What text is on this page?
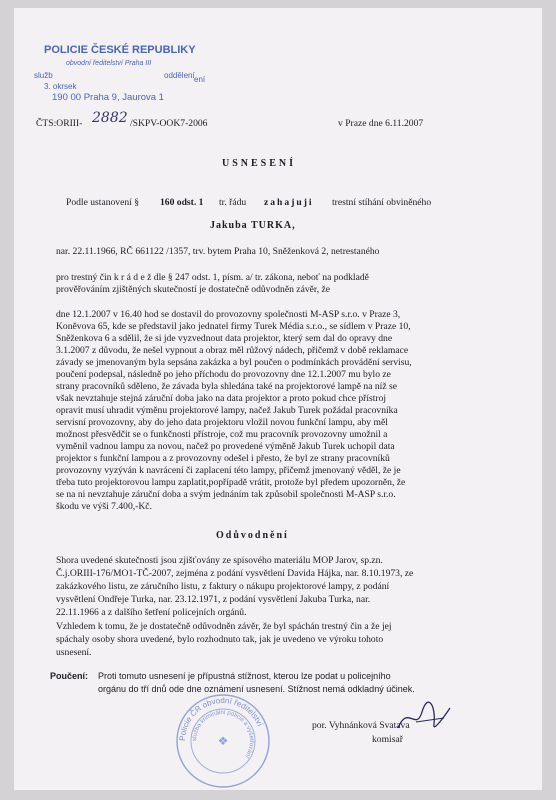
POLICIE ČESKÉ REPUBLIKY
obvodní ředitelství Praha III
služb	oddělení
3. okrsek
ení
190 00 Praha 9, Jaurova 1
ČTS:ORIII- 2882 /SKPV-OOK7-2006	v Praze dne 6.11.2007
USNESENÍ
Podle ustanovení § 160 odst. 1 tr. řádu zahajuji trestní stíhání obviněného
Jakuba TURKA,
nar. 22.11.1966, RČ 661122 /1357, trv. bytem Praha 10, Sněženková 2, netrestaného
pro trestný čin k r á d e ž dle § 247 odst. 1, písm. a/ tr. zákona, neboť na podkladě
prověřováním zjištěných skutečností je dostatečně odůvodněn závěr, že
dne 12.1.2007 v 16.40 hod se dostavil do provozovny společnosti M-ASP s.r.o. v Praze 3,
Koněvova 65, kde se představil jako jednatel firmy Turek Média s.r.o., se sídlem v Praze 10,
Sněženkova 6 a sdělil, že si jde vyzvednout data projektor, který sem dal do opravy dne
3.1.2007 z důvodu, že nešel vypnout a obraz měl růžový nádech, přičemž v době reklamace
závady se jmenovaným byla sepsána zakázka a byl poučen o podmínkách provádění servisu,
poučení podepsal, následně po jeho příchodu do provozovny dne 12.1.2007 mu bylo ze
strany pracovníků sděleno, že závada byla shledána také na projektorové lampě na níž se
však nevztahuje stejná záruční doba jako na data projektor a proto pokud chce přístroj
opravit musí uhradit výměnu projektorové lampy, načež Jakub Turek požádal pracovníka
servisní provozovny, aby do jeho data projektoru vložil novou funkční lampu, aby měl
možnost přesvědčit se o funkčnosti přístroje, což mu pracovník provozovny umožnil a
vyměnil vadnou lampu za novou, načež po provedené výměně Jakub Turek uchopil data
projektor s funkční lampou a z provozovny odešel i přesto, že byl ze strany pracovníků
provozovny vyzýván k navrácení či zaplacení této lampy, přičemž jmenovaný věděl, že je
třeba tuto projektorovou lampu zaplatit,popřípadě vrátit, protože byl předem upozorněn, že
se na ni nevztahuje záruční doba a svým jednáním tak způsobil společnosti M-ASP s.r.o.
škodu ve výši 7.400,-Kč.
Odůvodnění
Shora uvedené skutečnosti jsou zjišťovány ze spisového materiálu MOP Jarov, sp.zn.
Č.j.ORIII-176/MO1-TČ-2007, zejména z podání vysvětlení Davida Hájka, nar. 8.10.1973, ze
zakázkového listu, ze záručního listu, z faktury o nákupu projektorové lampy, z podání
vysvětlení Ondřeje Turka, nar. 23.12.1971, z podání vysvětlení Jakuba Turka, nar.
22.11.1966 a z dalšího šetření policejních orgánů.
Vzhledem k tomu, že je dostatečně odůvodněn závěr, že byl spáchán trestný čin a že jej
spáchaly osoby shora uvedené, bylo rozhodnuto tak, jak je uvedeno ve výroku tohoto
usnesení.
Poučení: Proti tomuto usnesení je přípustná stížnost, kterou lze podat u policejního
orgánu do tří dnů ode dne oznámení usnesení. Stížnost nemá odkladný účinek.
Policie ČR obvodní ředitelství
služba kriminální policie a vyšetřování
❖
por. Vyhnánková Svatava
komisař
